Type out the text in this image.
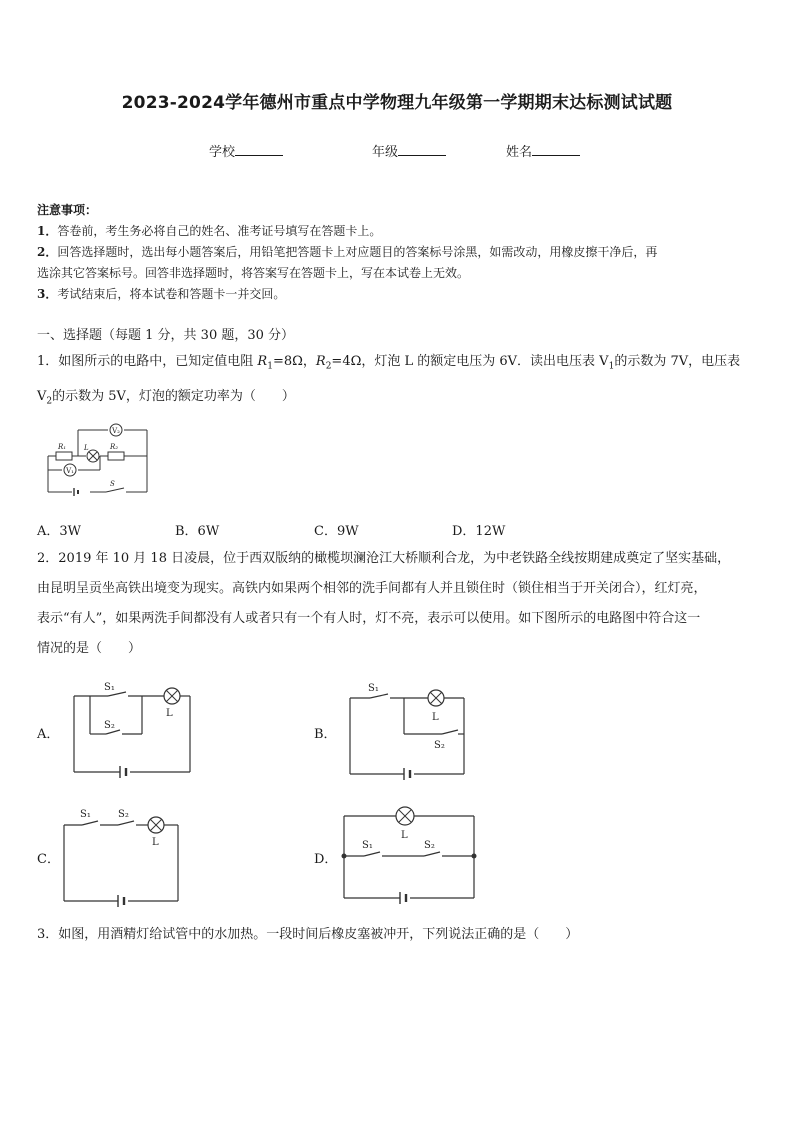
2023-2024学年德州市重点中学物理九年级第一学期期末达标测试试题
学校	年级	姓名
注意事项：
1．答卷前，考生务必将自己的姓名、准考证号填写在答题卡上。
2．回答选择题时，选出每小题答案后，用铅笔把答题卡上对应题目的答案标号涂黑，如需改动，用橡皮擦干净后，再
选涂其它答案标号。回答非选择题时，将答案写在答题卡上，写在本试卷上无效。
3．考试结束后，将本试卷和答题卡一并交回。
一、选择题（每题 1 分，共 30 题，30 分）
1．如图所示的电路中，已知定值电阻 $R_1=8\Omega$，$R_2=4\Omega$，灯泡 L 的额定电压为 6V．读出电压表 $V_1$的示数为 7V，电压表
$V_2$的示数为 5V，灯泡的额定功率为（　　）
V₂
L
V₁
R₁	R₂
S
A．3W	B．6W	C．9W	D．12W
2．2019 年 10 月 18 日凌晨，位于西双版纳的橄榄坝澜沧江大桥顺利合龙，为中老铁路全线按期建成奠定了坚实基础，
由昆明呈贡坐高铁出境变为现实。高铁内如果两个相邻的洗手间都有人并且锁住时（锁住相当于开关闭合），红灯亮，
表示“有人”，如果两洗手间都没有人或者只有一个有人时，灯不亮，表示可以使用。如下图所示的电路图中符合这一
情况的是（　　）
A．	B．
C．	D．
S₁
S₂
L
S₁
L
S₂
S₁	S₂
L
L
S₁	S₂
3．如图，用酒精灯给试管中的水加热。一段时间后橡皮塞被冲开，下列说法正确的是（　　）
